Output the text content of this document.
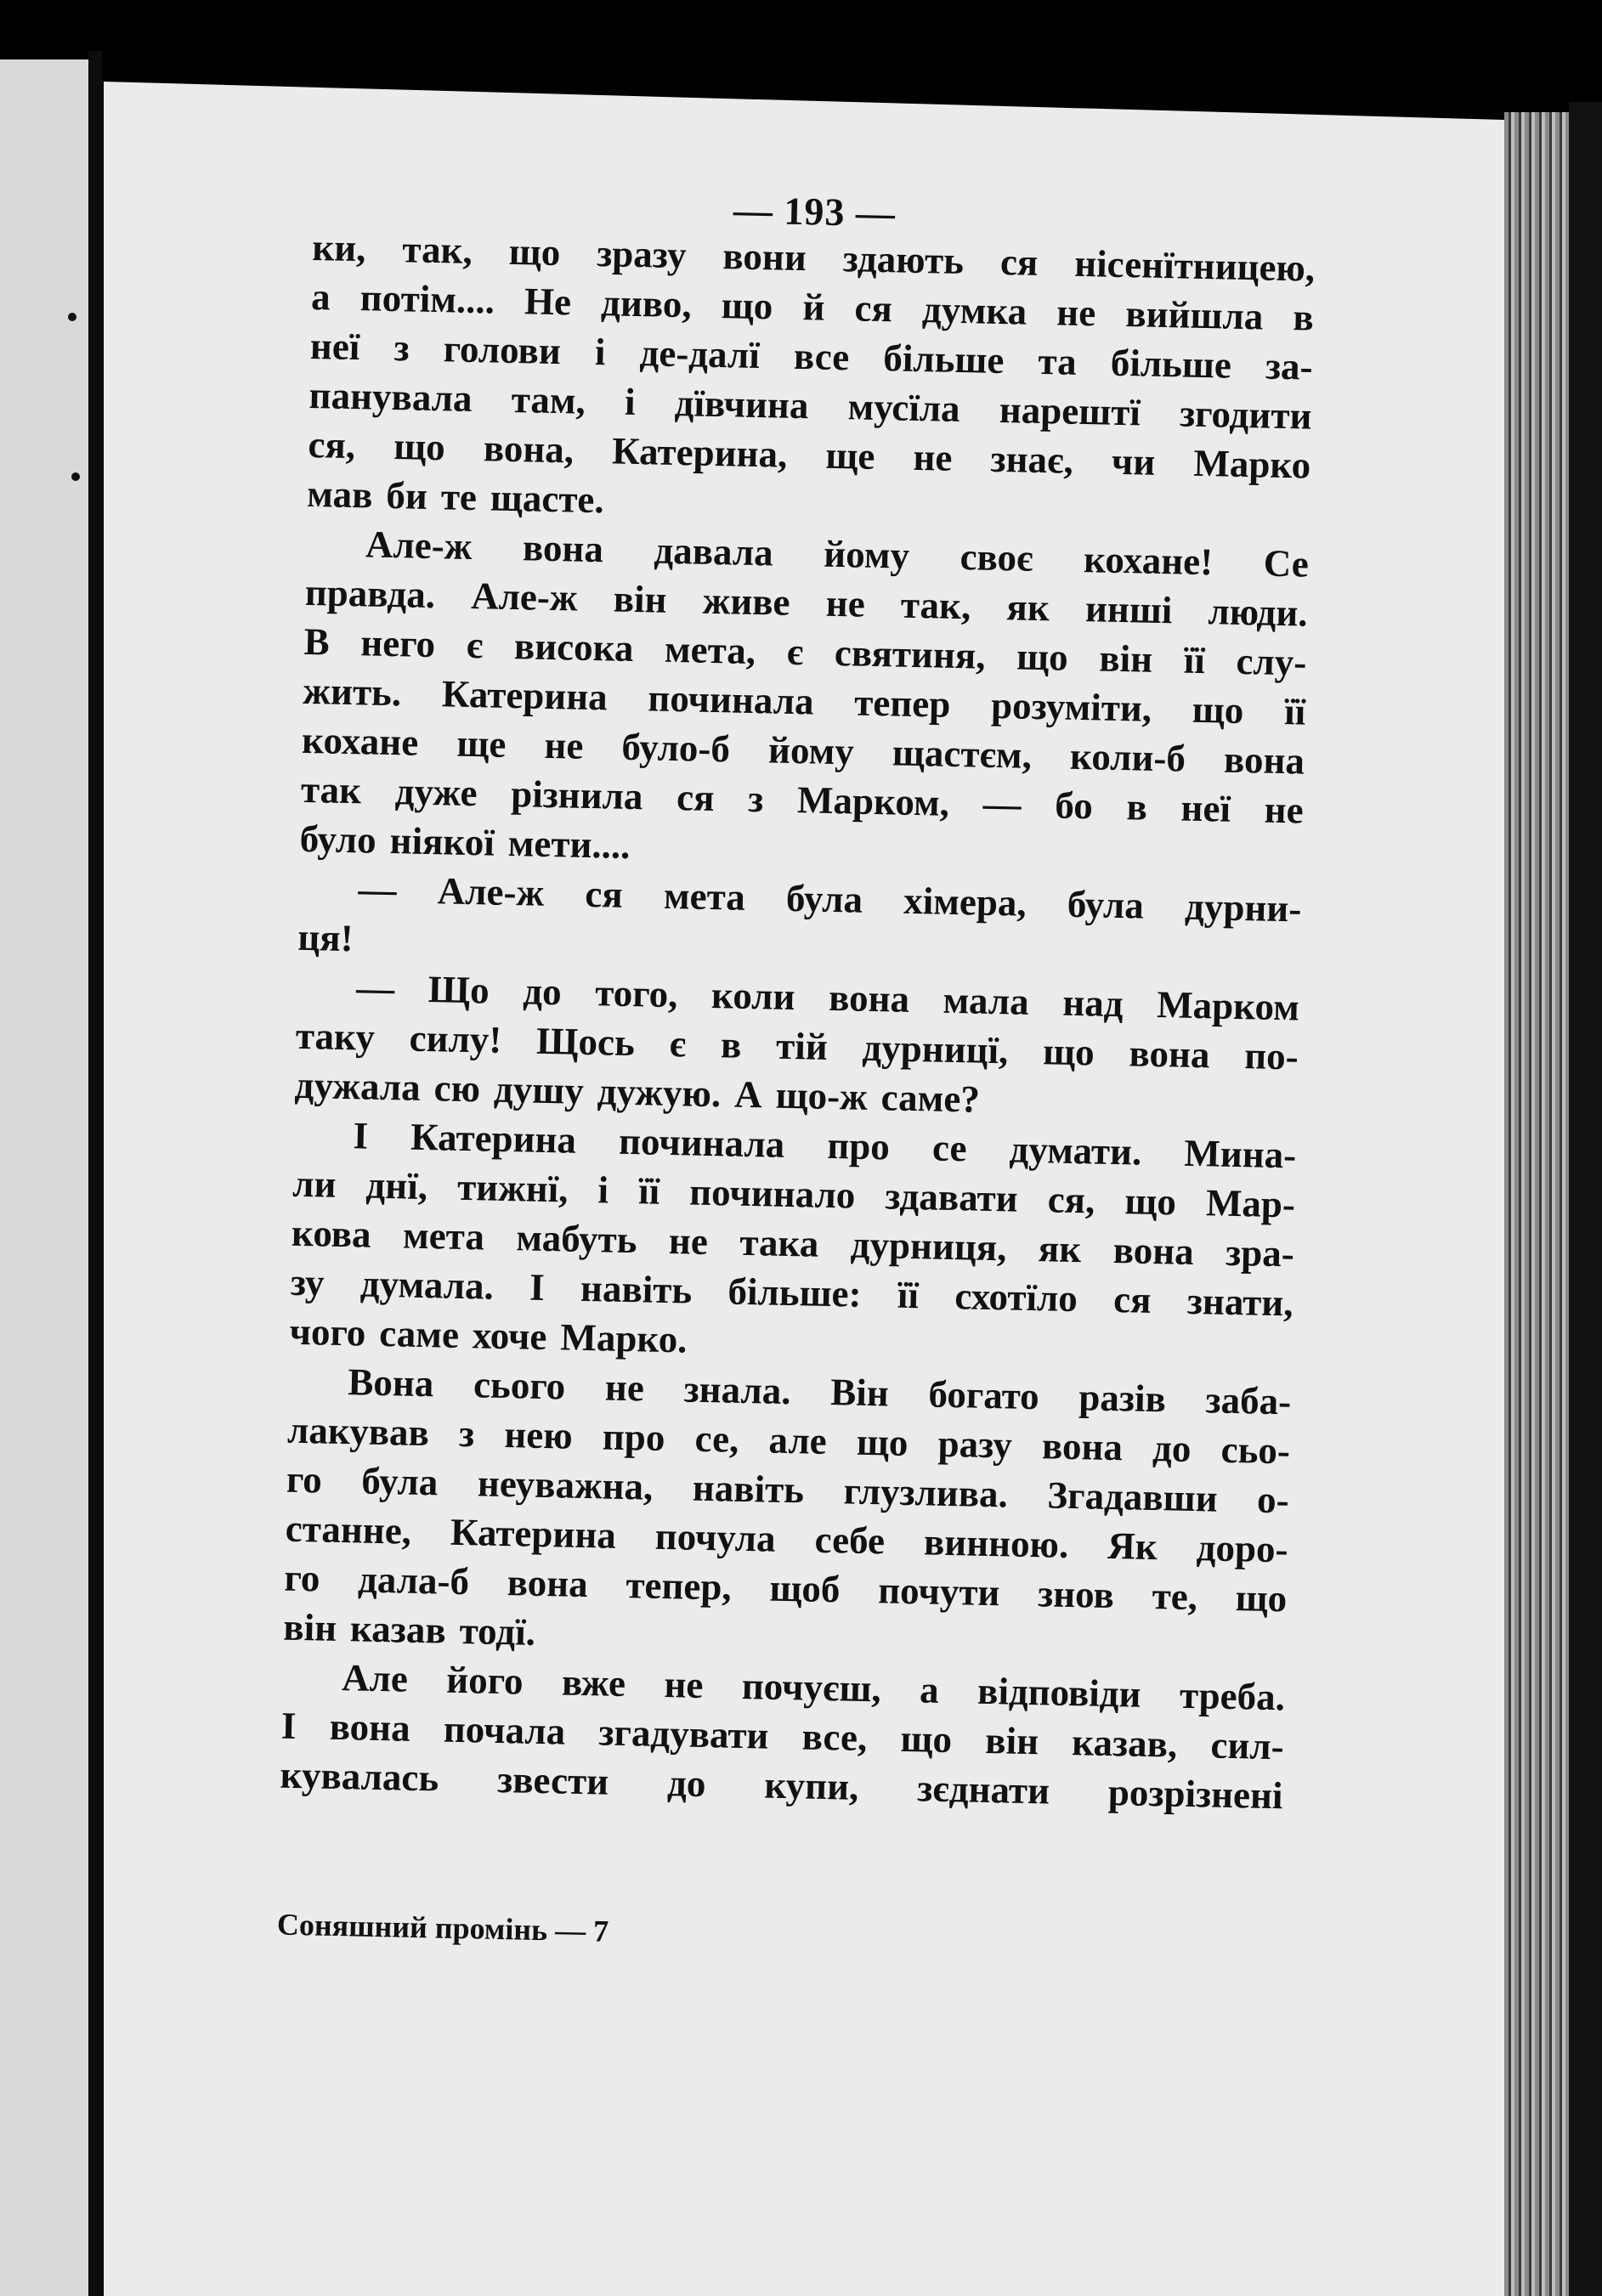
— 193 —
ки, так, що зразу вони здають ся нісенїтницею,
а потім.... Не диво, що й ся думка не вийшла в
неї з голови і де-далї все більше та більше за-
панувала там, і дївчина мусїла нарештї згодити
ся, що вона, Катерина, ще не знає, чи Марко
мав би те щасте.
Але-ж вона давала йому своє кохане! Се
правда. Але-ж він живе не так, як инші люди.
В него є висока мета, є святиня, що він її слу-
жить. Катерина починала тепер розуміти, що її
кохане ще не було-б йому щастєм, коли-б вона
так дуже різнила ся з Марком, — бо в неї не
було ніякої мети....
— Але-ж ся мета була хімера, була дурни-
ця!
— Що до того, коли вона мала над Марком
таку силу! Щось є в тій дурницї, що вона по-
дужала сю душу дужую. А що-ж саме?
І Катерина починала про се думати. Мина-
ли днї, тижнї, і її починало здавати ся, що Мар-
кова мета мабуть не така дурниця, як вона зра-
зу думала. І навіть більше: її схотїло ся знати,
чого саме хоче Марко.
Вона сього не знала. Він богато разів заба-
лакував з нею про се, але що разу вона до сьо-
го була неуважна, навіть глузлива. Згадавши о-
станне, Катерина почула себе винною. Як доро-
го дала-б вона тепер, щоб почути знов те, що
він казав тодї.
Але його вже не почуєш, а відповіди треба.
І вона почала згадувати все, що він казав, сил-
кувалась звести до купи, зєднати розрізнені
Соняшний промінь — 7
